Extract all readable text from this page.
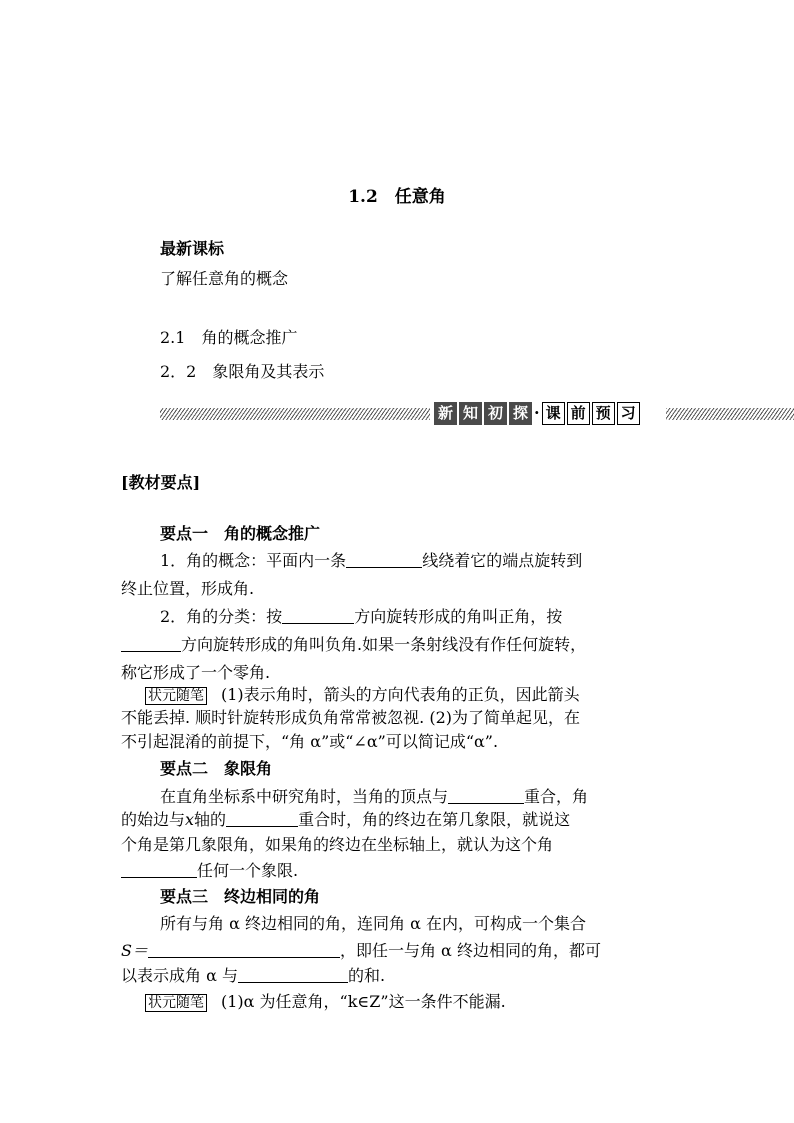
1.2　任意角
最新课标
了解任意角的概念
2.1　角的概念推广
2．2　象限角及其表示
新 知 初 探 · 课 前 预 习
[教材要点]
要点一　角的概念推广
1．角的概念：平面内一条	线绕着它的端点旋转到
终止位置，形成角.
2．角的分类：按	方向旋转形成的角叫正角，按
方向旋转形成的角叫负角.如果一条射线没有作任何旋转，
称它形成了一个零角.
状元随笔 (1)表示角时，箭头的方向代表角的正负，因此箭头
不能丢掉. 顺时针旋转形成负角常常被忽视. (2)为了简单起见，在
不引起混淆的前提下，“角 α”或“∠α”可以简记成“α”.
要点二　象限角
在直角坐标系中研究角时，当角的顶点与	重合，角
的始边与x轴的	重合时，角的终边在第几象限，就说这
个角是第几象限角，如果角的终边在坐标轴上，就认为这个角
任何一个象限.
要点三　终边相同的角
所有与角 α 终边相同的角，连同角 α 在内，可构成一个集合
S＝	，即任一与角 α 终边相同的角，都可
以表示成角 α 与	的和.
状元随笔 (1)α 为任意角，“k∈Z”这一条件不能漏.
